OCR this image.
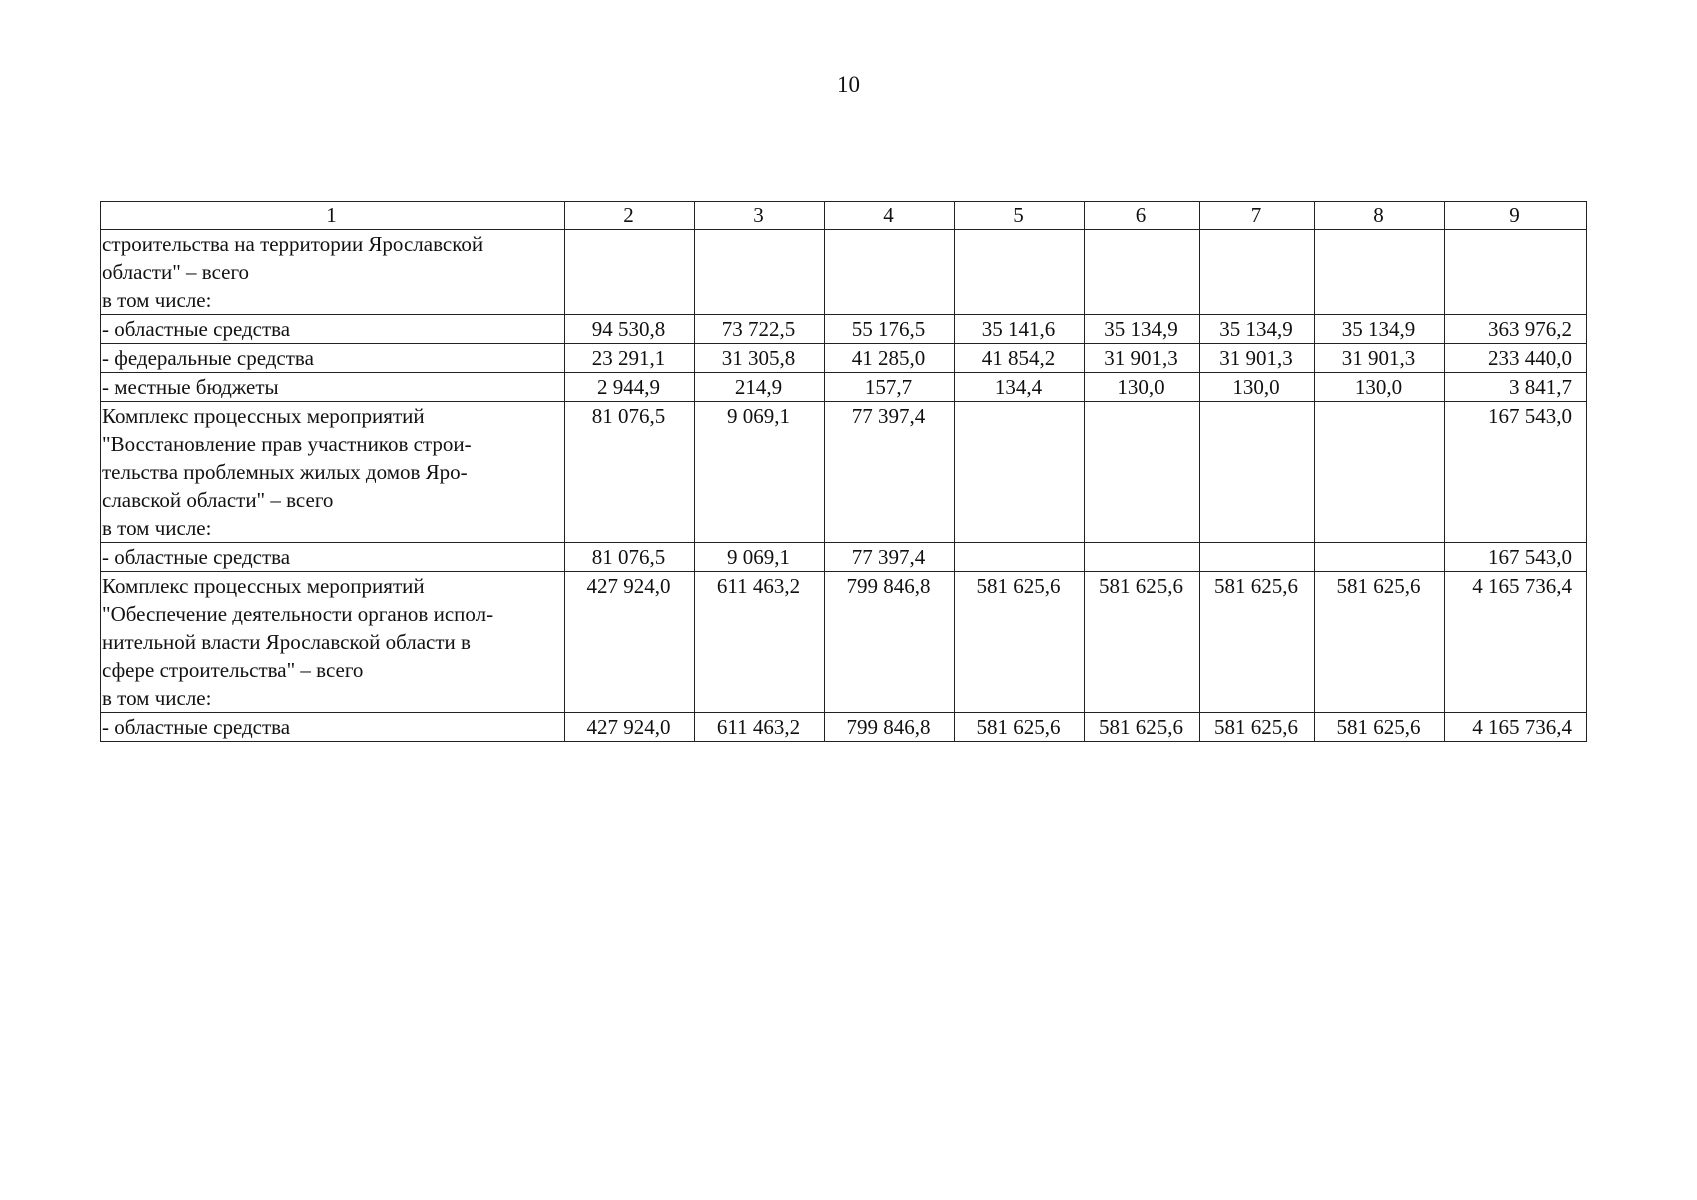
10
1	2	3	4	5	6	7	8	9

строительства на территории Ярославской
области" – всего
в том числе:								

- областные средства	94 530,8	73 722,5	55 176,5	35 141,6	35 134,9	35 134,9	35 134,9	363 976,2

- федеральные средства	23 291,1	31 305,8	41 285,0	41 854,2	31 901,3	31 901,3	31 901,3	233 440,0

- местные бюджеты	2 944,9	214,9	157,7	134,4	130,0	130,0	130,0	3 841,7

Комплекс процессных мероприятий
"Восстановление прав участников строи-
тельства проблемных жилых домов Яро-
славской области" – всего
в том числе:	81 076,5	9 069,1	77 397,4					167 543,0

- областные средства	81 076,5	9 069,1	77 397,4					167 543,0

Комплекс процессных мероприятий
"Обеспечение деятельности органов испол-
нительной власти Ярославской области в
сфере строительства" – всего
в том числе:	427 924,0	611 463,2	799 846,8	581 625,6	581 625,6	581 625,6	581 625,6	4 165 736,4

- областные средства	427 924,0	611 463,2	799 846,8	581 625,6	581 625,6	581 625,6	581 625,6	4 165 736,4
